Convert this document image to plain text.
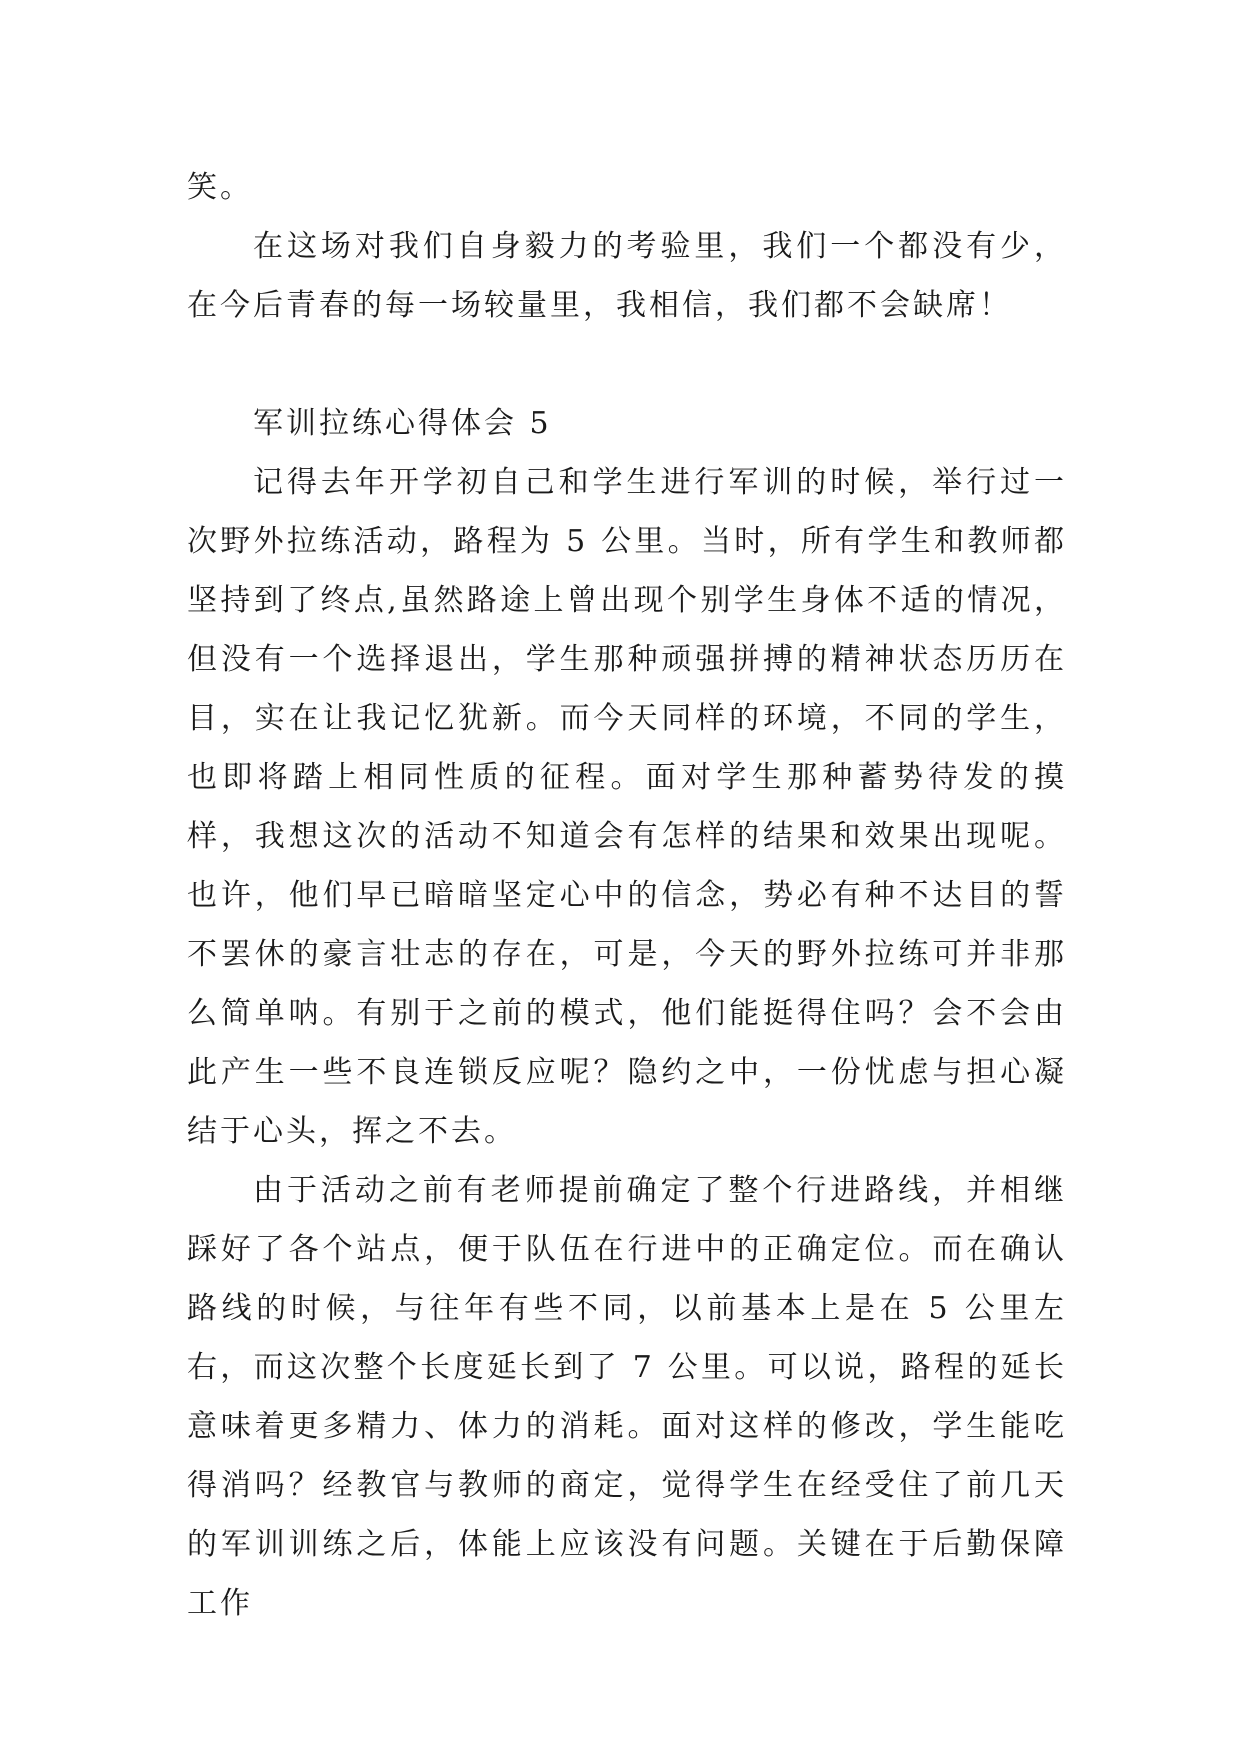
笑。

在这场对我们自身毅力的考验里，我们一个都没有少，在今后青春的每一场较量里，我相信，我们都不会缺席！

军训拉练心得体会 5

记得去年开学初自己和学生进行军训的时候，举行过一次野外拉练活动，路程为 5 公里。当时，所有学生和教师都坚持到了终点,虽然路途上曾出现个别学生身体不适的情况，但没有一个选择退出，学生那种顽强拼搏的精神状态历历在目，实在让我记忆犹新。而今天同样的环境，不同的学生，也即将踏上相同性质的征程。面对学生那种蓄势待发的摸样，我想这次的活动不知道会有怎样的结果和效果出现呢。也许，他们早已暗暗坚定心中的信念，势必有种不达目的誓不罢休的豪言壮志的存在，可是，今天的野外拉练可并非那么简单呐。有别于之前的模式，他们能挺得住吗？会不会由此产生一些不良连锁反应呢？隐约之中，一份忧虑与担心凝结于心头，挥之不去。

由于活动之前有老师提前确定了整个行进路线，并相继踩好了各个站点，便于队伍在行进中的正确定位。而在确认路线的时候，与往年有些不同，以前基本上是在 5 公里左右，而这次整个长度延长到了 7 公里。可以说，路程的延长意味着更多精力、体力的消耗。面对这样的修改，学生能吃得消吗？经教官与教师的商定，觉得学生在经受住了前几天的军训训练之后，体能上应该没有问题。关键在于后勤保障工作
